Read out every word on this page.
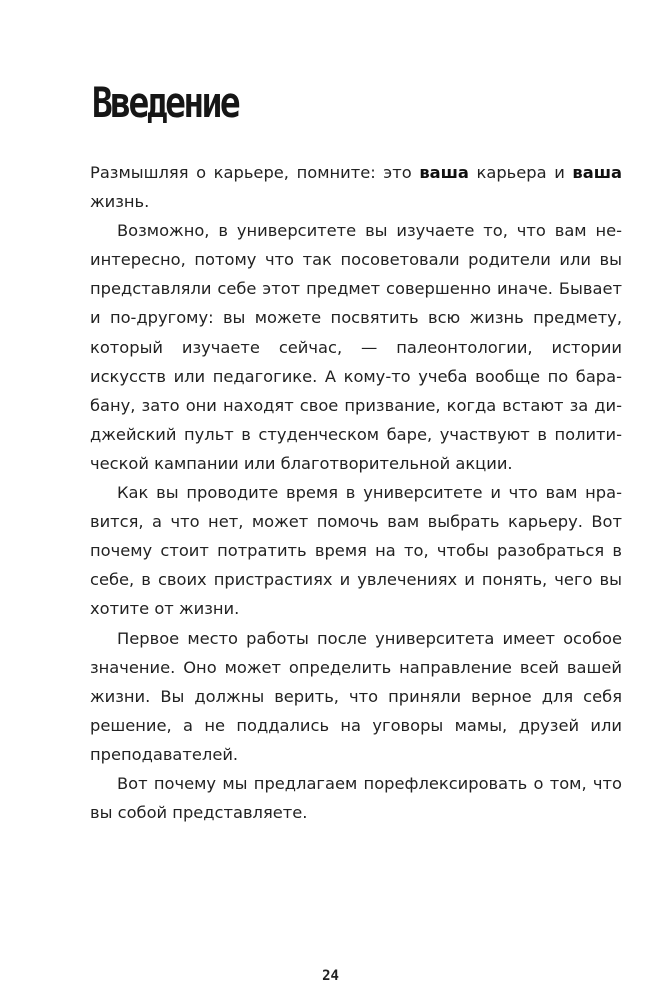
Введение

Размышляя о карьере, помните: это ваша карьера и ваша жизнь.

Возможно, в университете вы изучаете то, что вам неинтересно, потому что так посоветовали родители или вы представляли себе этот предмет совершенно иначе. Бывает и по-другому: вы можете посвятить всю жизнь предмету, который изучаете сейчас, — палеонтологии, истории искусств или педагогике. А кому-то учеба вообще по барабану, зато они находят свое призвание, когда встают за диджейский пульт в студенческом баре, участвуют в политической кампании или благотворительной акции.

Как вы проводите время в университете и что вам нравится, а что нет, может помочь вам выбрать карьеру. Вот почему стоит потратить время на то, чтобы разобраться в себе, в своих пристрастиях и увлечениях и понять, чего вы хотите от жизни.

Первое место работы после университета имеет особое значение. Оно может определить направление всей вашей жизни. Вы должны верить, что приняли верное для себя решение, а не поддались на уговоры мамы, друзей или преподавателей.

Вот почему мы предлагаем порефлексировать о том, что вы собой представляете.

24
